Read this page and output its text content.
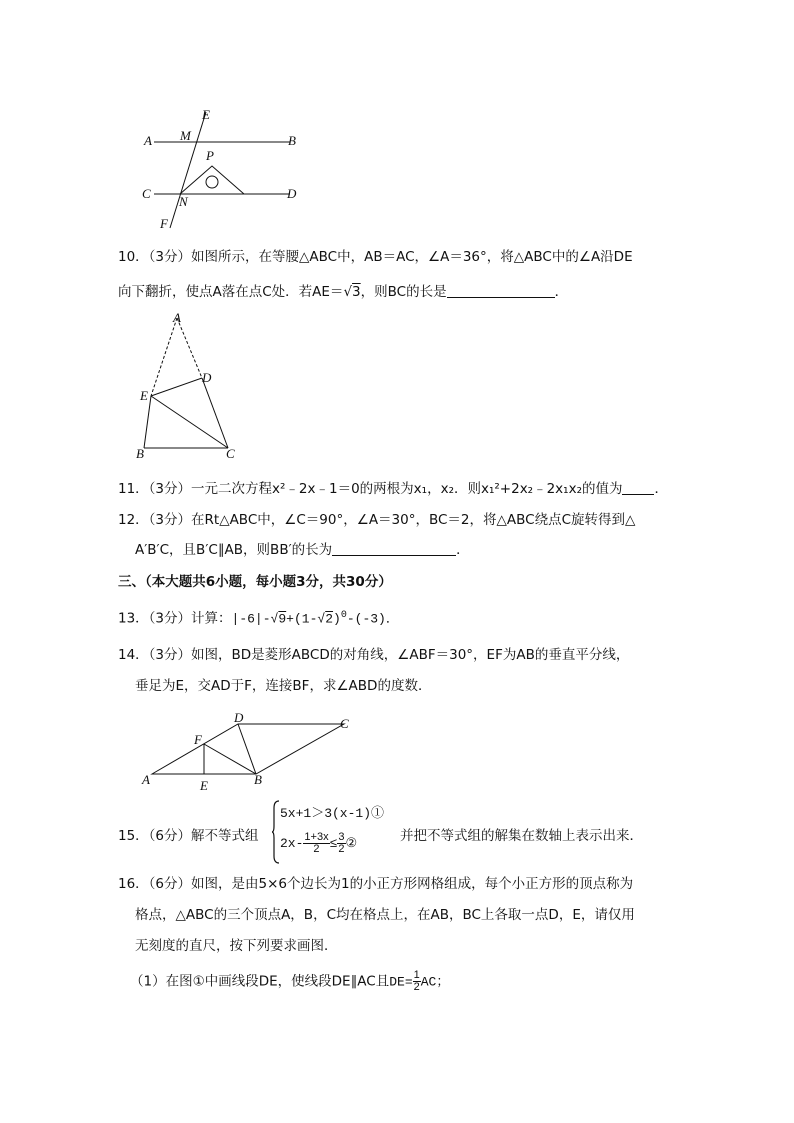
A M
E
B
P
C
N
D
F
10．（3分）如图所示，在等腰△ABC中，AB＝AC，∠A＝36°，将△ABC中的∠A沿DE
向下翻折，使点A落在点C处．若AE＝√3，则BC的长是	．
A
D
E
B	C
11．（3分）一元二次方程x²﹣2x﹣1＝0的两根为x₁，x₂．则x₁²+2x₂﹣2x₁x₂的值为 ．
12．（3分）在Rt△ABC中，∠C＝90°，∠A＝30°，BC＝2，将△ABC绕点C旋转得到△
A′B′C，且B′C∥AB，则BB′的长为	．
三、（本大题共6小题，每小题3分，共30分）
13．（3分）计算：$|-6|-√9+(1-√2)^0-(-3)$．
14．（3分）如图，BD是菱形ABCD的对角线，∠ABF＝30°，EF为AB的垂直平分线，
垂足为E，交AD于F，连接BF，求∠ABD的度数．
A
F
D	C
E	B
15．（6分）解不等式组
5x+1＞3(x-1)①
$2x- \frac{1+3x}{2} \le \frac{3}{2}$ ②	并把不等式组的解集在数轴上表示出来．
16．（6分）如图，是由5×6个边长为1的小正方形网格组成，每个小正方形的顶点称为
格点，△ABC的三个顶点A，B，C均在格点上，在AB，BC上各取一点D，E，请仅用
无刻度的直尺，按下列要求画图．
（1）在图①中画线段DE，使线段DE∥AC且$DE= \frac{1}{2}$ AC；
